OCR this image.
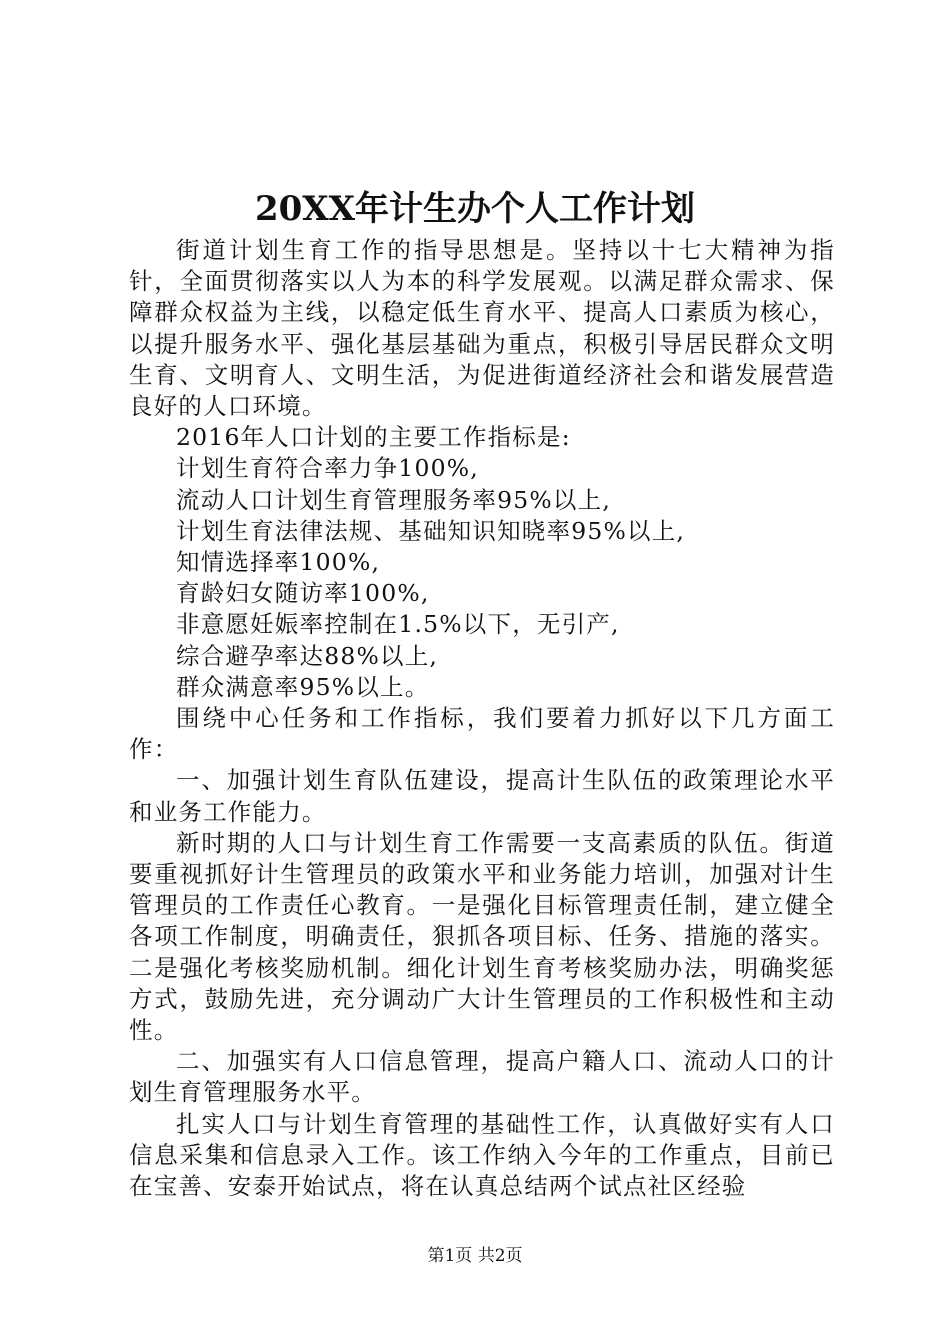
20XX年计生办个人工作计划

街道计划生育工作的指导思想是。坚持以十七大精神为指针，全面贯彻落实以人为本的科学发展观。以满足群众需求、保障群众权益为主线，以稳定低生育水平、提高人口素质为核心，以提升服务水平、强化基层基础为重点，积极引导居民群众文明生育、文明育人、文明生活，为促进街道经济社会和谐发展营造良好的人口环境。

2016年人口计划的主要工作指标是:

计划生育符合率力争100%,

流动人口计划生育管理服务率95%以上,

计划生育法律法规、基础知识知晓率95%以上,

知情选择率100%,

育龄妇女随访率100%,

非意愿妊娠率控制在1.5%以下，无引产,

综合避孕率达88%以上,

群众满意率95%以上。

围绕中心任务和工作指标，我们要着力抓好以下几方面工作：

一、加强计划生育队伍建设，提高计生队伍的政策理论水平和业务工作能力。

新时期的人口与计划生育工作需要一支高素质的队伍。街道要重视抓好计生管理员的政策水平和业务能力培训，加强对计生管理员的工作责任心教育。一是强化目标管理责任制，建立健全各项工作制度，明确责任，狠抓各项目标、任务、措施的落实。二是强化考核奖励机制。细化计划生育考核奖励办法，明确奖惩方式，鼓励先进，充分调动广大计生管理员的工作积极性和主动性。

二、加强实有人口信息管理，提高户籍人口、流动人口的计划生育管理服务水平。

扎实人口与计划生育管理的基础性工作，认真做好实有人口信息采集和信息录入工作。该工作纳入今年的工作重点，目前已在宝善、安泰开始试点，将在认真总结两个试点社区经验

第1页 共2页
